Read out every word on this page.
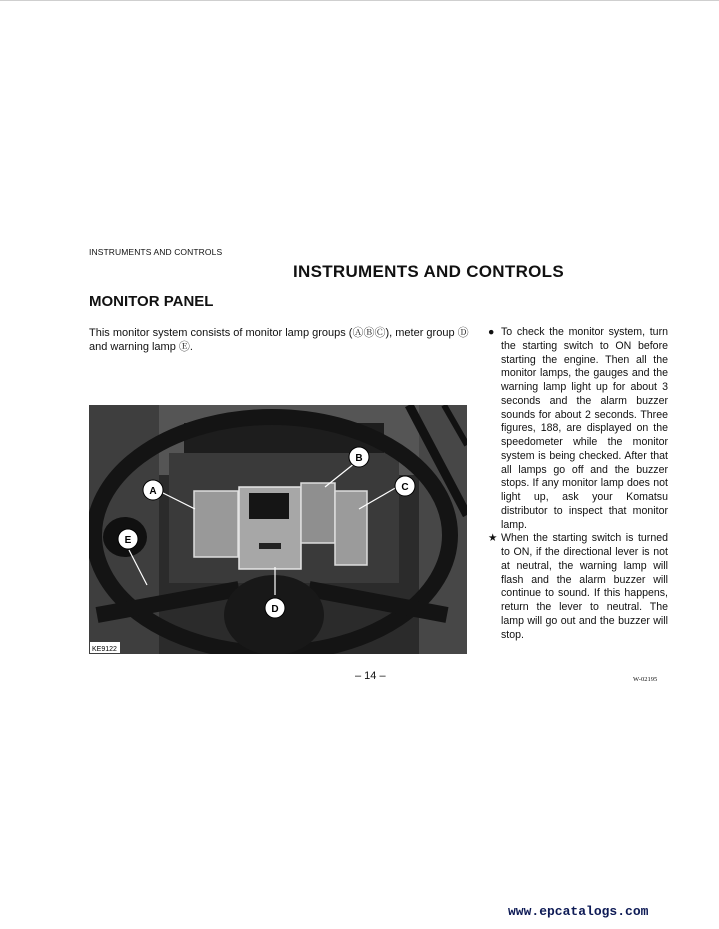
INSTRUMENTS AND CONTROLS
INSTRUMENTS AND CONTROLS
MONITOR PANEL
This monitor system consists of monitor lamp groups (ⒶⒷⒸ), meter group Ⓓ and warning lamp Ⓔ.
A
B
C
D
E
KE9122
● To check the monitor system, turn the starting switch to ON before starting the engine. Then all the monitor lamps, the gauges and the warning lamp light up for about 3 seconds and the alarm buzzer sounds for about 2 seconds. Three figures, 188, are displayed on the speedometer while the monitor system is being checked. After that all lamps go off and the buzzer stops. If any monitor lamp does not light up, ask your Komatsu distributor to inspect that monitor lamp.
★ When the starting switch is turned to ON, if the directional lever is not at neutral, the warning lamp will flash and the alarm buzzer will continue to sound. If this happens, return the lever to neutral. The lamp will go out and the buzzer will stop.
– 14 –	W-02195
www.epcatalogs.com
